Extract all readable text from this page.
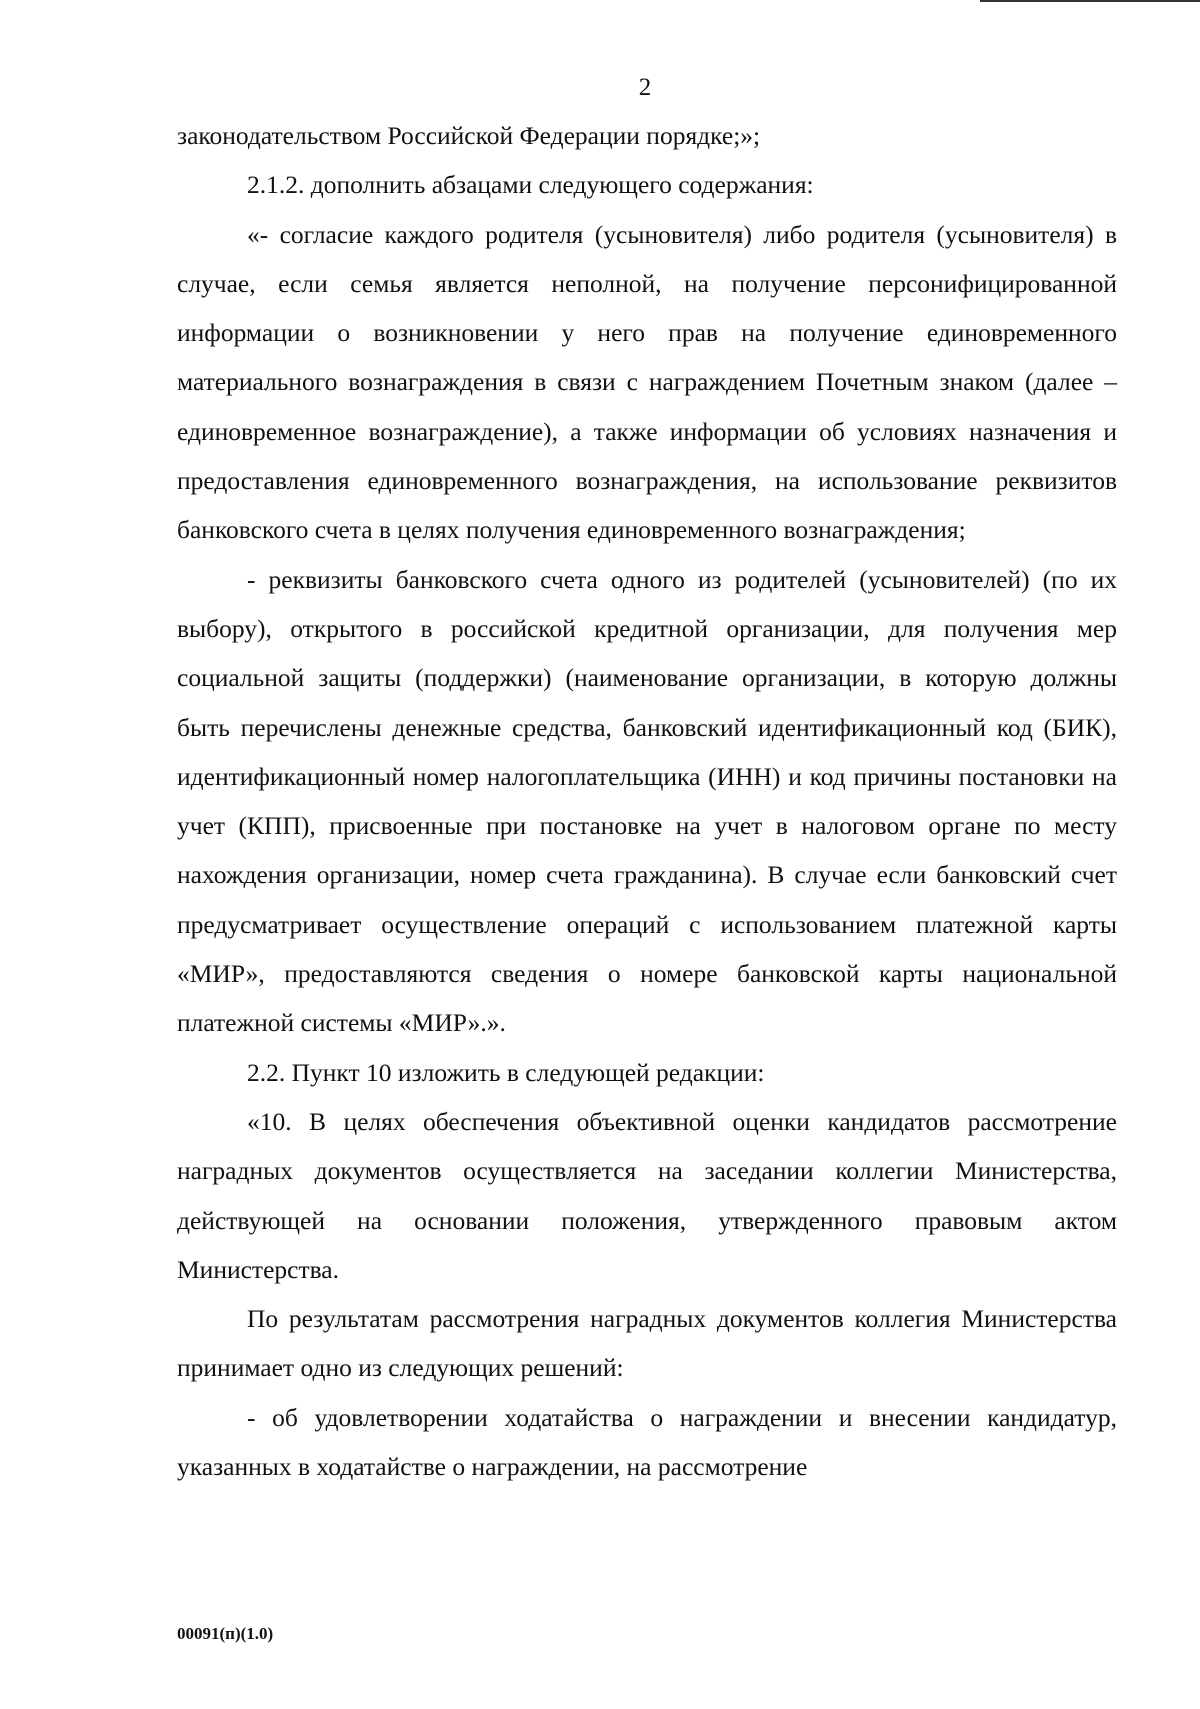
2

законодательством Российской Федерации порядке;»;

2.1.2. дополнить абзацами следующего содержания:

«- согласие каждого родителя (усыновителя) либо родителя (усыновителя) в случае, если семья является неполной, на получение персонифицированной информации о возникновении у него прав на получение единовременного материального вознаграждения в связи с награждением Почетным знаком (далее – единовременное вознаграждение), а также информации об условиях назначения и предоставления единовременного вознаграждения, на использование реквизитов банковского счета в целях получения единовременного вознаграждения;

- реквизиты банковского счета одного из родителей (усыновителей) (по их выбору), открытого в российской кредитной организации, для получения мер социальной защиты (поддержки) (наименование организации, в которую должны быть перечислены денежные средства, банковский идентификационный код (БИК), идентификационный номер налогоплательщика (ИНН) и код причины постановки на учет (КПП), присвоенные при постановке на учет в налоговом органе по месту нахождения организации, номер счета гражданина). В случае если банковский счет предусматривает осуществление операций с использованием платежной карты «МИР», предоставляются сведения о номере банковской карты национальной платежной системы «МИР».».

2.2. Пункт 10 изложить в следующей редакции:

«10. В целях обеспечения объективной оценки кандидатов рассмотрение наградных документов осуществляется на заседании коллегии Министерства, действующей на основании положения, утвержденного правовым актом Министерства.

По результатам рассмотрения наградных документов коллегия Министерства принимает одно из следующих решений:

- об удовлетворении ходатайства о награждении и внесении кандидатур, указанных в ходатайстве о награждении, на рассмотрение

00091(п)(1.0)
